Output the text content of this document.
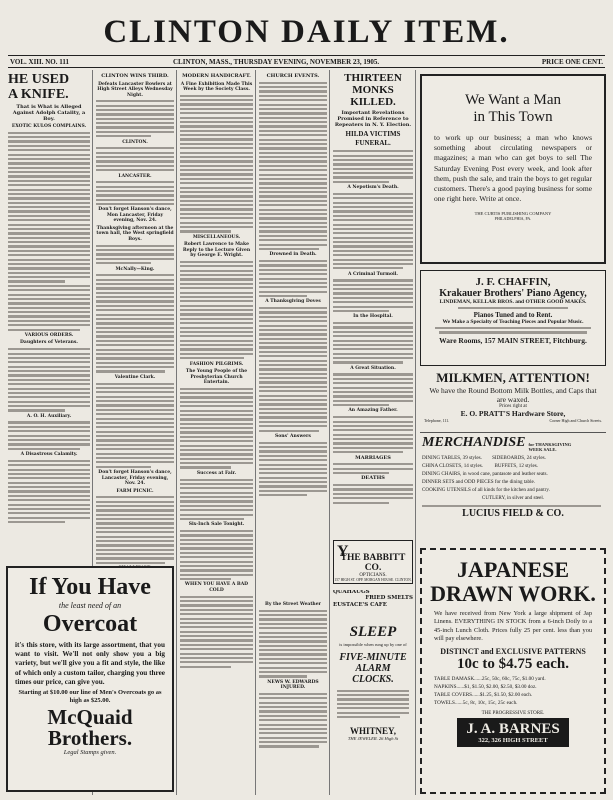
CLINTON DAILY ITEM.
VOL. XIII. NO. 111	CLINTON, MASS., THURSDAY EVENING, NOVEMBER 23, 1905.	PRICE ONE CENT.
HE USED
A KNIFE.
That is What is Alleged Against Adolph Cataiity, a Boy.
EXOTIC KULOS COMPLAINS.
VARIOUS ORDERS.
Daughters of Veterans.
A. O. H. Auxiliary.
A Disastrous Calamity.
CLINTON WINS THIRD.
Defeats Lancaster Bowlers at High Street Alleys Wednesday Night.
CLINTON.
LANCASTER.
Don't forget Hanson's dance, Mon Lancaster, Friday evening, Nov. 24.
Thanksgiving afternoon at the town hall, the West springfield Boys.
McNally—King.
Valentine Clark.
Don't forget Hanson's dance, Lancaster, Friday evening, Nov. 24.
FARM PICNIC.
MODERN HANDICRAFT.
A Fine Exhibition Made This Week by the Society Class.
MISCELLANEOUS.
Robert Lawrence to Make Reply to the Lecture Given by George E. Wright.
FASHION PILGRIMS.
The Young People of the Presbyterian Church Entertain.
Success at Fair.
Six-Inch Sale Tonight.
WHEN YOU HAVE A BAD COLD
CHURCH EVENTS.
Drowned in Death.
A Thanksgiving Doves
Sons' Answers
By the Street Weather
NEWS W. EDWARDS INJURED.
THIRTEEN
MONKS KILLED.
Important Revelations Promised in Reference to Repeaters in N. Y. Election.
HILDA VICTIMS FUNERAL.
A Nepotism's Death.
A Criminal Turmoil.
In the Hospital.
A Great Situation.
An Amazing Father.
MARRIAGES
DEATHS
If You Have
the least need of an
Overcoat
it's this store, with its large assortment, that you want to visit. We'll not only show you a big variety, but we'll give you a fit and style, the like of which only a custom tailor, charging you three times our price, can give you.
Starting at $10.00 our line of Men's Overcoats go as high as $25.00.
McQuaid
Brothers.
Legal Stamps given.
Y
THE BABBITT CO.
OPTICIANS.
157 HIGH ST. OPP. MORGAN HOUSE. CLINTON.
QUAHAUGS
FRIED SMELTS
EUSTACE'S CAFE
SLEEP
is impossible when rung up by one of
FIVE-MINUTE
ALARM
CLOCKS.
WHITNEY,
THE JEWELER. 26 High St
We Want a Man
in This Town
to work up our business; a man who knows something about circulating newspapers or magazines; a man who can get boys to sell The Saturday Evening Post every week, and look after them, push the sale, and train the boys to get regular customers. There's a good paying business for some one right here. Write at once.
THE CURTIS PUBLISHING COMPANY
PHILADELPHIA, PA.
J. F. CHAFFIN,
Krakauer Brothers' Piano Agency,
LINDEMAN, KELLAR BROS. and OTHER GOOD MAKES.
Pianos Tuned and to Rent.
We Make a Specialty of Teaching Pieces and Popular Music.
Ware Rooms, 157 MAIN STREET, Fitchburg.
MILKMEN, ATTENTION!
We have the Round Bottom Milk Bottles, and Caps that are waxed.
Prices right at
E. O. PRATT'S Hardware Store,
Telephone, 111.	Corner High and Church Streets.
MERCHANDISE for THANKSGIVING WEEK SALE.
DINING TABLES, 39 styles.        SIDEBOARDS, 24 styles.
CHINA CLOSETS, 14 styles.         BUFFETS, 12 styles.
DINING CHAIRS, in wood cane, pantasote and leather seats.
DINNER SETS and ODD PIECES for the dining table.
COOKING UTENSILS of all kinds for the kitchen and pantry.
CUTLERY, in silver and steel.
LUCIUS FIELD & CO.
JAPANESE
DRAWN WORK.
We have received from New York a large shipment of Jap Linens. EVERYTHING IN STOCK from a 6-inch Doily to a 45-inch Lunch Cloth. Prices fully 25 per cent. less than you will pay elsewhere.
DISTINCT and EXCLUSIVE PATTERNS
10c to $4.75 each.
TABLE DAMASK......25c, 50c, 60c, 75c, $1.00 yard.
NAPKINS......$1, $1.50, $2.00, $2.50, $3.00 doz.
TABLE COVERS......$1.25, $1.50, $2.00 each.
TOWELS......5c, 8c, 10c, 15c, 25c each.
THE PROGRESSIVE STORE.
J. A. BARNES
322, 326 HIGH STREET
